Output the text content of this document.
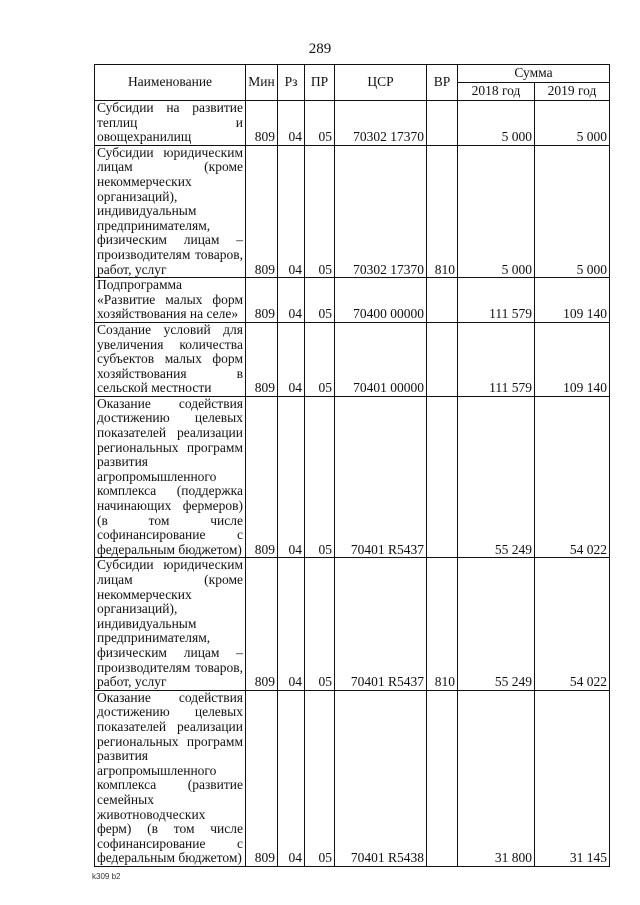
289
Наименование	Мин	Рз	ПР	ЦСР	ВР	Сумма	
						2018 год	2019 год
Субсидии на развитие теплиц и овощехранилищ	809	04	05	70302 17370		5 000	5 000
Субсидии юридическим лицам (кроме некоммерческих организаций), индивидуальным предпринимателям, физическим лицам – производителям товаров, работ, услуг	809	04	05	70302 17370	810	5 000	5 000
Подпрограмма «Развитие малых форм хозяйствования на селе»	809	04	05	70400 00000		111 579	109 140
Создание условий для увеличения количества субъектов малых форм хозяйствования в сельской местности	809	04	05	70401 00000		111 579	109 140
Оказание содействия достижению целевых показателей реализации региональных программ развития агропромышленного комплекса (поддержка начинающих фермеров) (в том числе софинансирование с федеральным бюджетом)	809	04	05	70401 R5437		55 249	54 022
Субсидии юридическим лицам (кроме некоммерческих организаций), индивидуальным предпринимателям, физическим лицам – производителям товаров, работ, услуг	809	04	05	70401 R5437	810	55 249	54 022
Оказание содействия достижению целевых показателей реализации региональных программ развития агропромышленного комплекса (развитие семейных животноводческих ферм) (в том числе софинансирование с федеральным бюджетом)	809	04	05	70401 R5438		31 800	31 145
k309 b2
